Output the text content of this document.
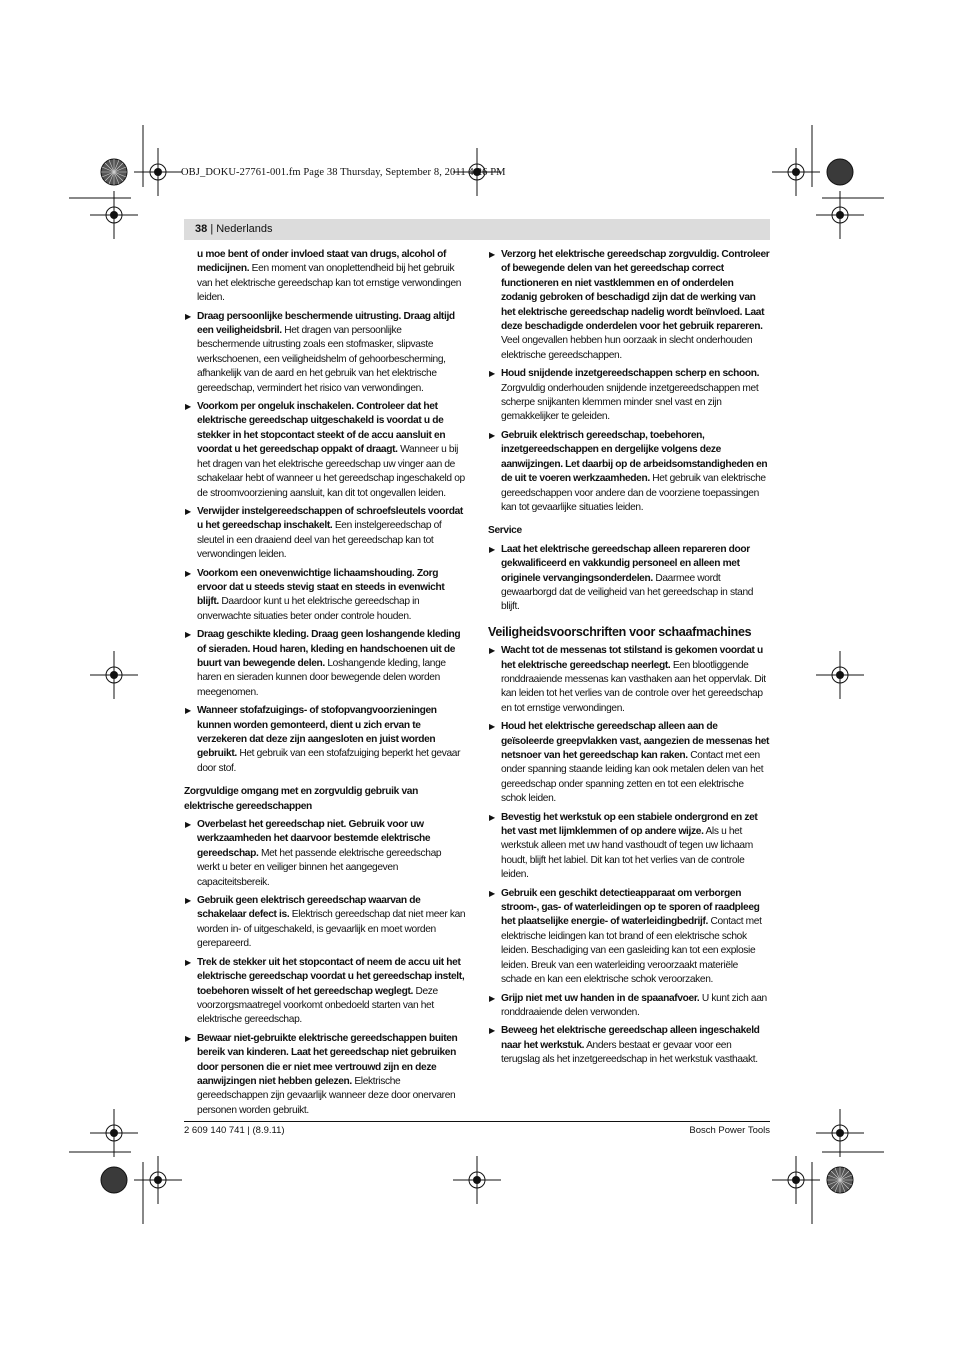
OBJ_DOKU-27761-001.fm Page 38 Thursday, September 8, 2011 4:26 PM
38 | Nederlands

u moe bent of onder invloed staat van drugs, alcohol of medicijnen. Een moment van onoplettendheid bij het gebruik van het elektrische gereedschap kan tot ernstige verwondingen leiden.

▶ Draag persoonlijke beschermende uitrusting. Draag altijd een veiligheidsbril. Het dragen van persoonlijke beschermende uitrusting zoals een stofmasker, slipvaste werkschoenen, een veiligheidshelm of gehoorbescherming, afhankelijk van de aard en het gebruik van het elektrische gereedschap, vermindert het risico van verwondingen.

▶ Voorkom per ongeluk inschakelen. Controleer dat het elektrische gereedschap uitgeschakeld is voordat u de stekker in het stopcontact steekt of de accu aansluit en voordat u het gereedschap oppakt of draagt. Wanneer u bij het dragen van het elektrische gereedschap uw vinger aan de schakelaar hebt of wanneer u het gereedschap ingeschakeld op de stroomvoorziening aansluit, kan dit tot ongevallen leiden.

▶ Verwijder instelgereedschappen of schroefsleutels voordat u het gereedschap inschakelt. Een instelgereedschap of sleutel in een draaiend deel van het gereedschap kan tot verwondingen leiden.

▶ Voorkom een onevenwichtige lichaamshouding. Zorg ervoor dat u steeds stevig staat en steeds in evenwicht blijft. Daardoor kunt u het elektrische gereedschap in onverwachte situaties beter onder controle houden.

▶ Draag geschikte kleding. Draag geen loshangende kleding of sieraden. Houd haren, kleding en handschoenen uit de buurt van bewegende delen. Loshangende kleding, lange haren en sieraden kunnen door bewegende delen worden meegenomen.

▶ Wanneer stofafzuigings- of stofopvangvoorzieningen kunnen worden gemonteerd, dient u zich ervan te verzekeren dat deze zijn aangesloten en juist worden gebruikt. Het gebruik van een stofafzuiging beperkt het gevaar door stof.

Zorgvuldige omgang met en zorgvuldig gebruik van elektrische gereedschappen

▶ Overbelast het gereedschap niet. Gebruik voor uw werkzaamheden het daarvoor bestemde elektrische gereedschap. Met het passende elektrische gereedschap werkt u beter en veiliger binnen het aangegeven capaciteitsbereik.

▶ Gebruik geen elektrisch gereedschap waarvan de schakelaar defect is. Elektrisch gereedschap dat niet meer kan worden in- of uitgeschakeld, is gevaarlijk en moet worden gerepareerd.

▶ Trek de stekker uit het stopcontact of neem de accu uit het elektrische gereedschap voordat u het gereedschap instelt, toebehoren wisselt of het gereedschap weglegt. Deze voorzorgsmaatregel voorkomt onbedoeld starten van het elektrische gereedschap.

▶ Bewaar niet-gebruikte elektrische gereedschappen buiten bereik van kinderen. Laat het gereedschap niet gebruiken door personen die er niet mee vertrouwd zijn en deze aanwijzingen niet hebben gelezen. Elektrische gereedschappen zijn gevaarlijk wanneer deze door onervaren personen worden gebruikt.

▶ Verzorg het elektrische gereedschap zorgvuldig. Controleer of bewegende delen van het gereedschap correct functioneren en niet vastklemmen en of onderdelen zodanig gebroken of beschadigd zijn dat de werking van het elektrische gereedschap nadelig wordt beïnvloed. Laat deze beschadigde onderdelen voor het gebruik repareren. Veel ongevallen hebben hun oorzaak in slecht onderhouden elektrische gereedschappen.

▶ Houd snijdende inzetgereedschappen scherp en schoon. Zorgvuldig onderhouden snijdende inzetgereedschappen met scherpe snijkanten klemmen minder snel vast en zijn gemakkelijker te geleiden.

▶ Gebruik elektrisch gereedschap, toebehoren, inzetgereedschappen en dergelijke volgens deze aanwijzingen. Let daarbij op de arbeidsomstandigheden en de uit te voeren werkzaamheden. Het gebruik van elektrische gereedschappen voor andere dan de voorziene toepassingen kan tot gevaarlijke situaties leiden.

Service

▶ Laat het elektrische gereedschap alleen repareren door gekwalificeerd en vakkundig personeel en alleen met originele vervangingsonderdelen. Daarmee wordt gewaarborgd dat de veiligheid van het gereedschap in stand blijft.

Veiligheidsvoorschriften voor schaafmachines

▶ Wacht tot de messenas tot stilstand is gekomen voordat u het elektrische gereedschap neerlegt. Een blootliggende ronddraaiende messenas kan vasthaken aan het oppervlak. Dit kan leiden tot het verlies van de controle over het gereedschap en tot ernstige verwondingen.

▶ Houd het elektrische gereedschap alleen aan de geïsoleerde greepvlakken vast, aangezien de messenas het netsnoer van het gereedschap kan raken. Contact met een onder spanning staande leiding kan ook metalen delen van het gereedschap onder spanning zetten en tot een elektrische schok leiden.

▶ Bevestig het werkstuk op een stabiele ondergrond en zet het vast met lijmklemmen of op andere wijze. Als u het werkstuk alleen met uw hand vasthoudt of tegen uw lichaam houdt, blijft het labiel. Dit kan tot het verlies van de controle leiden.

▶ Gebruik een geschikt detectieapparaat om verborgen stroom-, gas- of waterleidingen op te sporen of raadpleeg het plaatselijke energie- of waterleidingbedrijf. Contact met elektrische leidingen kan tot brand of een elektrische schok leiden. Beschadiging van een gasleiding kan tot een explosie leiden. Breuk van een waterleiding veroorzaakt materiële schade en kan een elektrische schok veroorzaken.

▶ Grijp niet met uw handen in de spaanafvoer. U kunt zich aan ronddraaiende delen verwonden.

▶ Beweeg het elektrische gereedschap alleen ingeschakeld naar het werkstuk. Anders bestaat er gevaar voor een terugslag als het inzetgereedschap in het werkstuk vasthaakt.

2 609 140 741 | (8.9.11)	Bosch Power Tools
